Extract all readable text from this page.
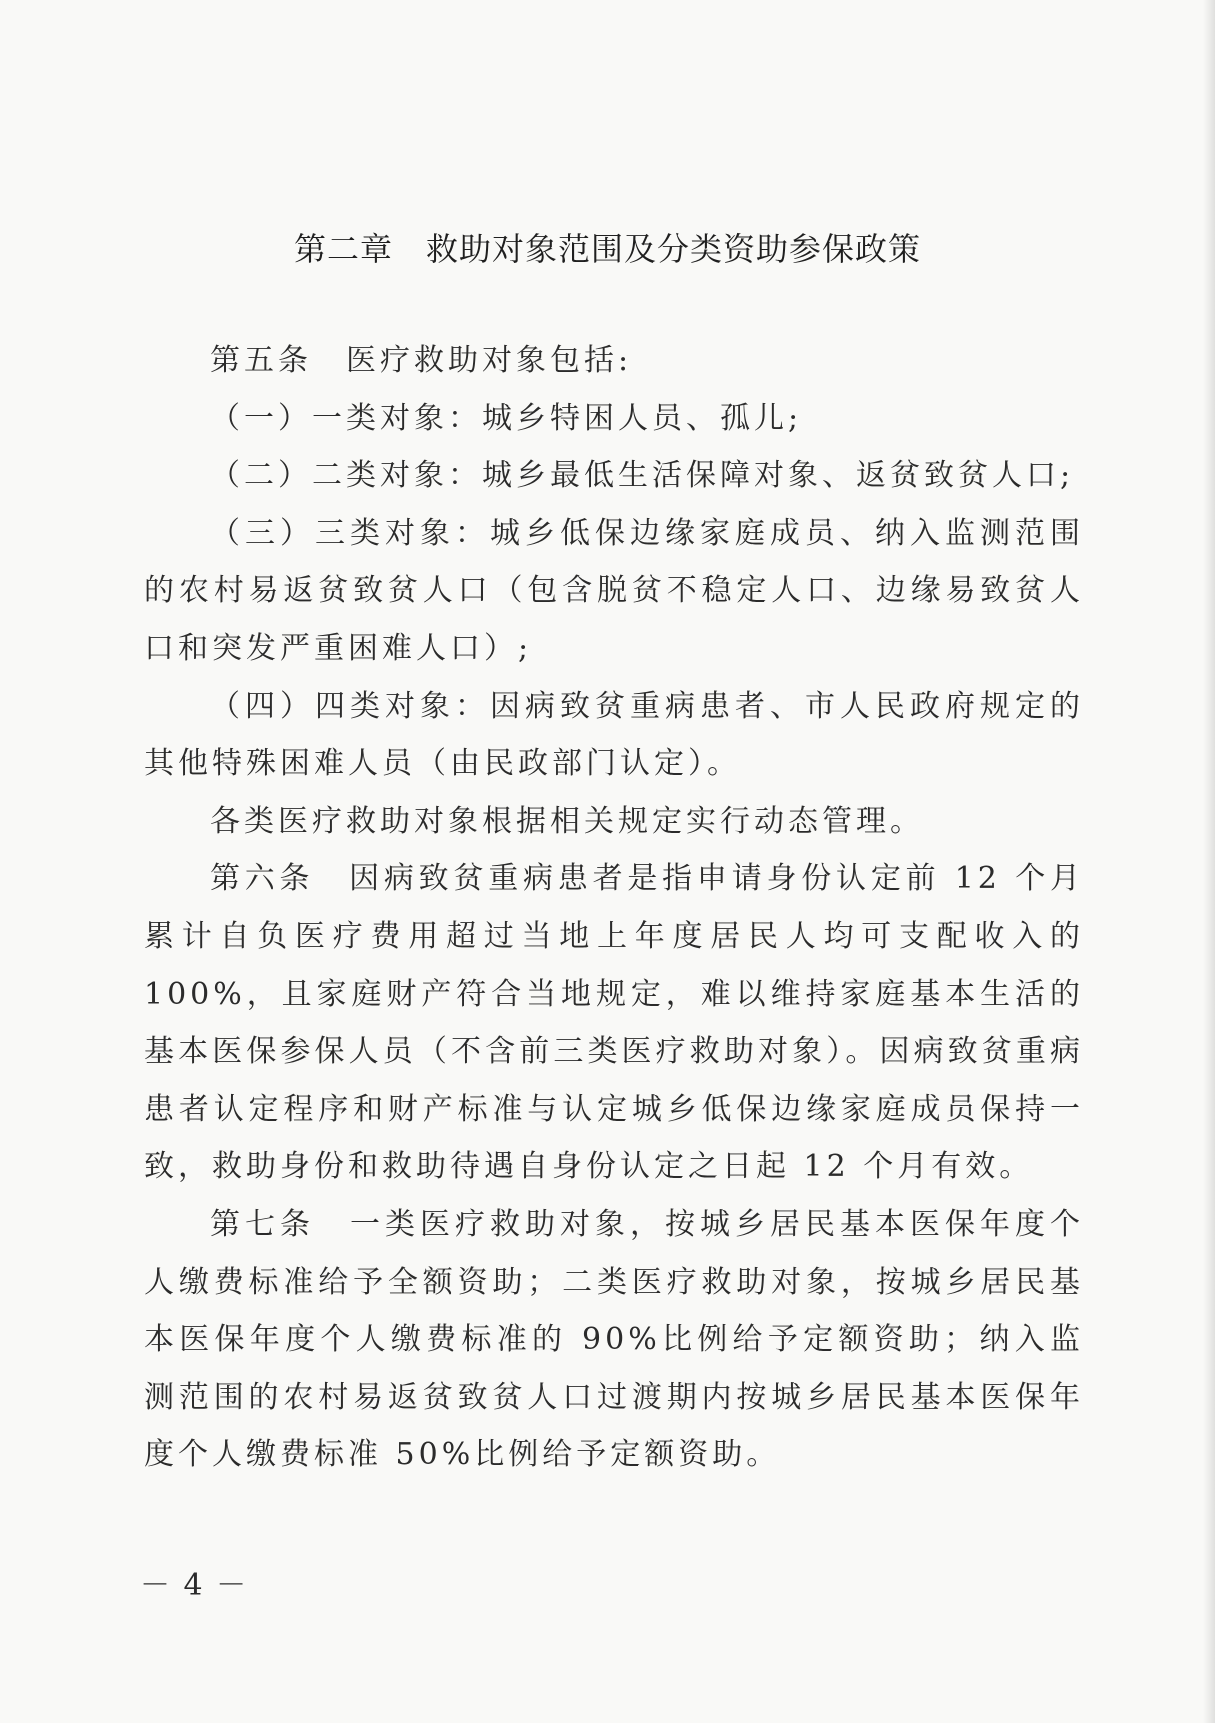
第二章　救助对象范围及分类资助参保政策

第五条　医疗救助对象包括:

（一）一类对象：城乡特困人员、孤儿;

（二）二类对象：城乡最低生活保障对象、返贫致贫人口;

（三）三类对象：城乡低保边缘家庭成员、纳入监测范围的农村易返贫致贫人口（包含脱贫不稳定人口、边缘易致贫人口和突发严重困难人口）;

（四）四类对象：因病致贫重病患者、市人民政府规定的其他特殊困难人员（由民政部门认定）。

各类医疗救助对象根据相关规定实行动态管理。

第六条　因病致贫重病患者是指申请身份认定前 12 个月累计自负医疗费用超过当地上年度居民人均可支配收入的 100%，且家庭财产符合当地规定，难以维持家庭基本生活的基本医保参保人员（不含前三类医疗救助对象）。因病致贫重病患者认定程序和财产标准与认定城乡低保边缘家庭成员保持一致，救助身份和救助待遇自身份认定之日起 12 个月有效。

第七条　一类医疗救助对象，按城乡居民基本医保年度个人缴费标准给予全额资助；二类医疗救助对象，按城乡居民基本医保年度个人缴费标准的 90%比例给予定额资助；纳入监测范围的农村易返贫致贫人口过渡期内按城乡居民基本医保年度个人缴费标准 50%比例给予定额资助。

－ 4 －
